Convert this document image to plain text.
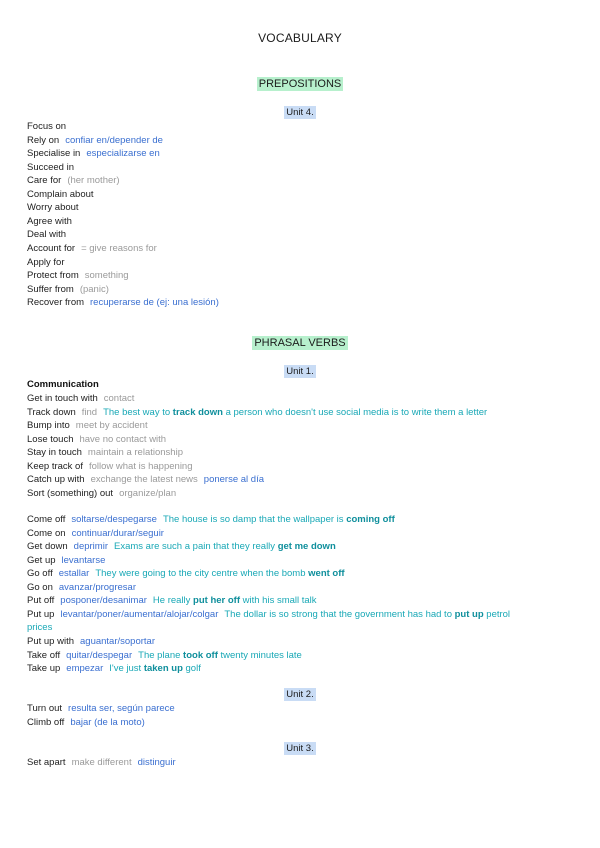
VOCABULARY
PREPOSITIONS
Unit 4.
Focus on
Rely on confiar en/depender de
Specialise in especializarse en
Succeed in
Care for (her mother)
Complain about
Worry about
Agree with
Deal with
Account for = give reasons for
Apply for
Protect from something
Suffer from (panic)
Recover from recuperarse de (ej: una lesión)
PHRASAL VERBS
Unit 1.
Communication
Get in touch with contact
Track down find The best way to track down a person who doesn't use social media is to write them a letter
Bump into meet by accident
Lose touch have no contact with
Stay in touch maintain a relationship
Keep track of follow what is happening
Catch up with exchange the latest news ponerse al día
Sort (something) out organize/plan
Come off soltarse/despegarse The house is so damp that the wallpaper is coming off
Come on continuar/durar/seguir
Get down deprimir Exams are such a pain that they really get me down
Get up levantarse
Go off estallar They were going to the city centre when the bomb went off
Go on avanzar/progresar
Put off posponer/desanimar He really put her off with his small talk
Put up levantar/poner/aumentar/alojar/colgar The dollar is so strong that the government has had to put up petrol
prices
Put up with aguantar/soportar
Take off quitar/despegar The plane took off twenty minutes late
Take up empezar I've just taken up golf
Unit 2.
Turn out resulta ser, según parece
Climb off bajar (de la moto)
Unit 3.
Set apart make different distinguir
